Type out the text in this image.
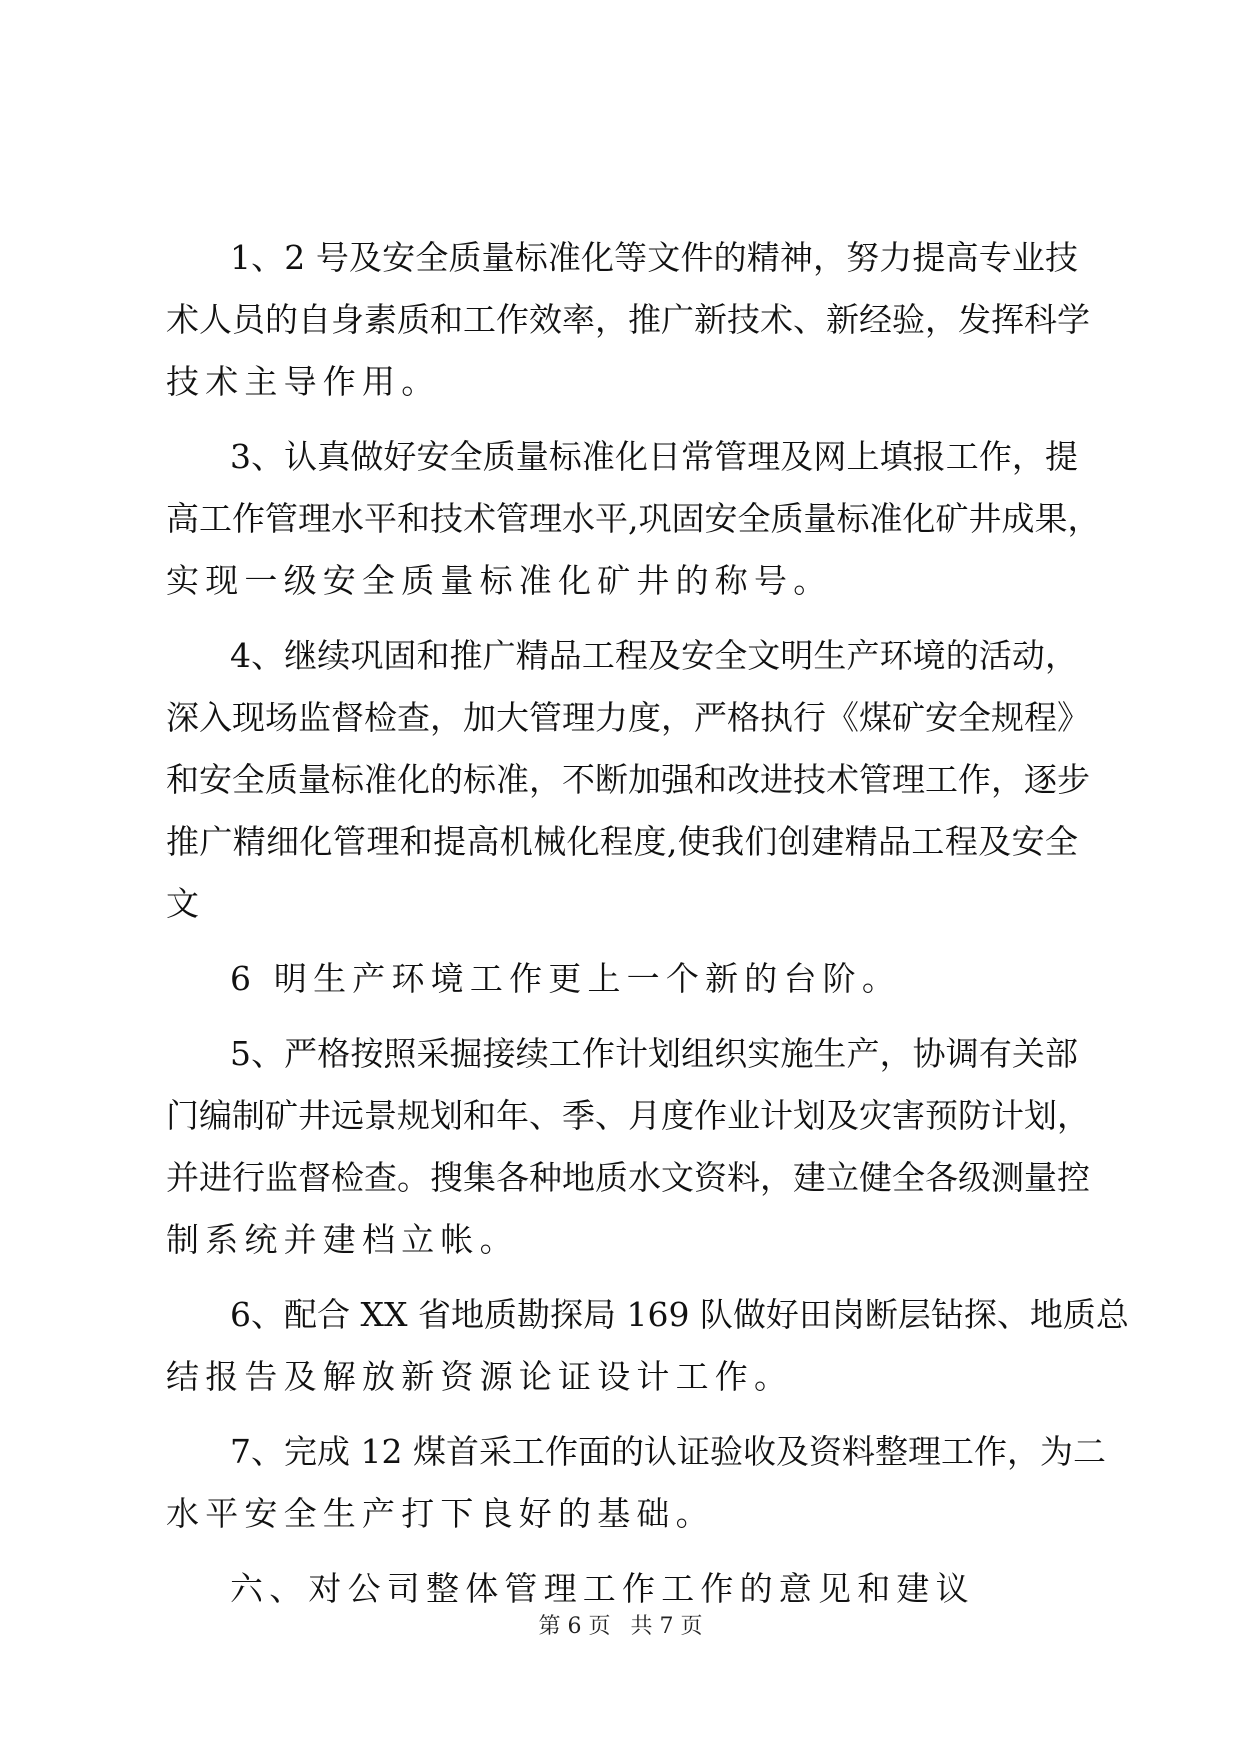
1、2 号及安全质量标准化等文件的精神，努力提高专业技
术人员的自身素质和工作效率，推广新技术、新经验，发挥科学
技术主导作用。
3、认真做好安全质量标准化日常管理及网上填报工作，提
高工作管理水平和技术管理水平,巩固安全质量标准化矿井成果，
实现一级安全质量标准化矿井的称号。
4、继续巩固和推广精品工程及安全文明生产环境的活动，
深入现场监督检查，加大管理力度，严格执行《煤矿安全规程》
和安全质量标准化的标准，不断加强和改进技术管理工作，逐步
推广精细化管理和提高机械化程度,使我们创建精品工程及安全
文
6 明生产环境工作更上一个新的台阶。
5、严格按照采掘接续工作计划组织实施生产，协调有关部
门编制矿井远景规划和年、季、月度作业计划及灾害预防计划，
并进行监督检查。搜集各种地质水文资料，建立健全各级测量控
制系统并建档立帐。
6、配合 XX 省地质勘探局 169 队做好田岗断层钻探、地质总
结报告及解放新资源论证设计工作。
7、完成 12 煤首采工作面的认证验收及资料整理工作，为二
水平安全生产打下良好的基础。
六、对公司整体管理工作工作的意见和建议
第 6 页 共 7 页
